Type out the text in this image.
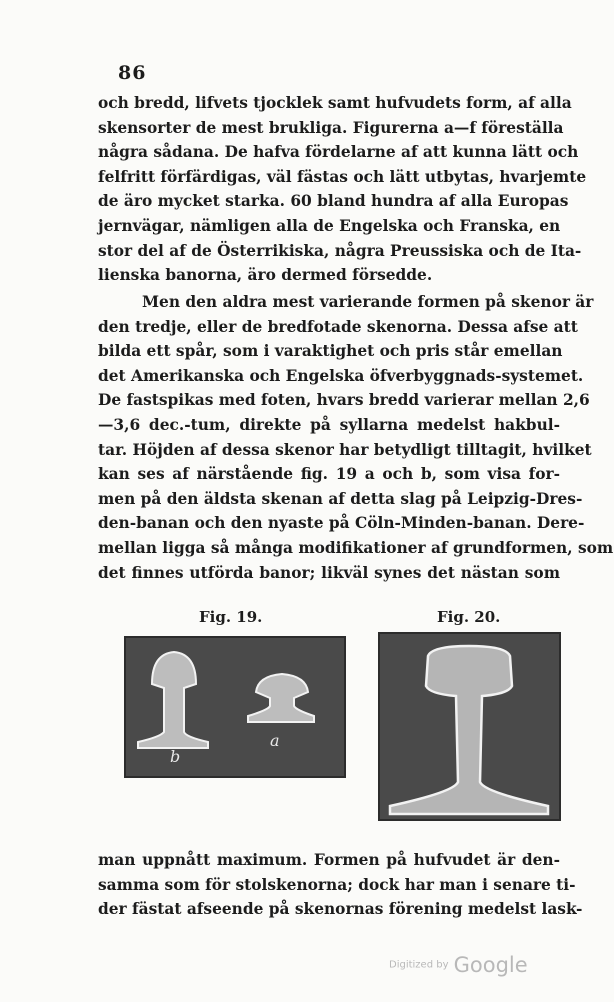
86
och bredd, lifvets tjocklek samt hufvudets form, af alla
skensorter de mest brukliga. Figurerna a—f föreställa
några sådana. De hafva fördelarne af att kunna lätt och
felfritt förfärdigas, väl fästas och lätt utbytas, hvarjemte
de äro mycket starka. 60 bland hundra af alla Europas
jernvägar, nämligen alla de Engelska och Franska, en
stor del af de Österrikiska, några Preussiska och de Ita-
lienska banorna, äro dermed försedde.
Men den aldra mest varierande formen på skenor är
den tredje, eller de bredfotade skenorna. Dessa afse att
bilda ett spår, som i varaktighet och pris står emellan
det Amerikanska och Engelska öfverbyggnads-systemet.
De fastspikas med foten, hvars bredd varierar mellan 2,6
—3,6 dec.-tum, direkte på syllarna medelst hakbul-
tar. Höjden af dessa skenor har betydligt tilltagit, hvilket
kan ses af närstående fig. 19 a och b, som visa for-
men på den äldsta skenan af detta slag på Leipzig-Dres-
den-banan och den nyaste på Cöln-Minden-banan. Dere-
mellan ligga så många modifikationer af grundformen, som
det finnes utförda banor; likväl synes det nästan som
Fig. 19.	Fig. 20.
b
a
man uppnått maximum. Formen på hufvudet är den-
samma som för stolskenorna; dock har man i senare ti-
der fästat afseende på skenornas förening medelst lask-
Digitized by Google
